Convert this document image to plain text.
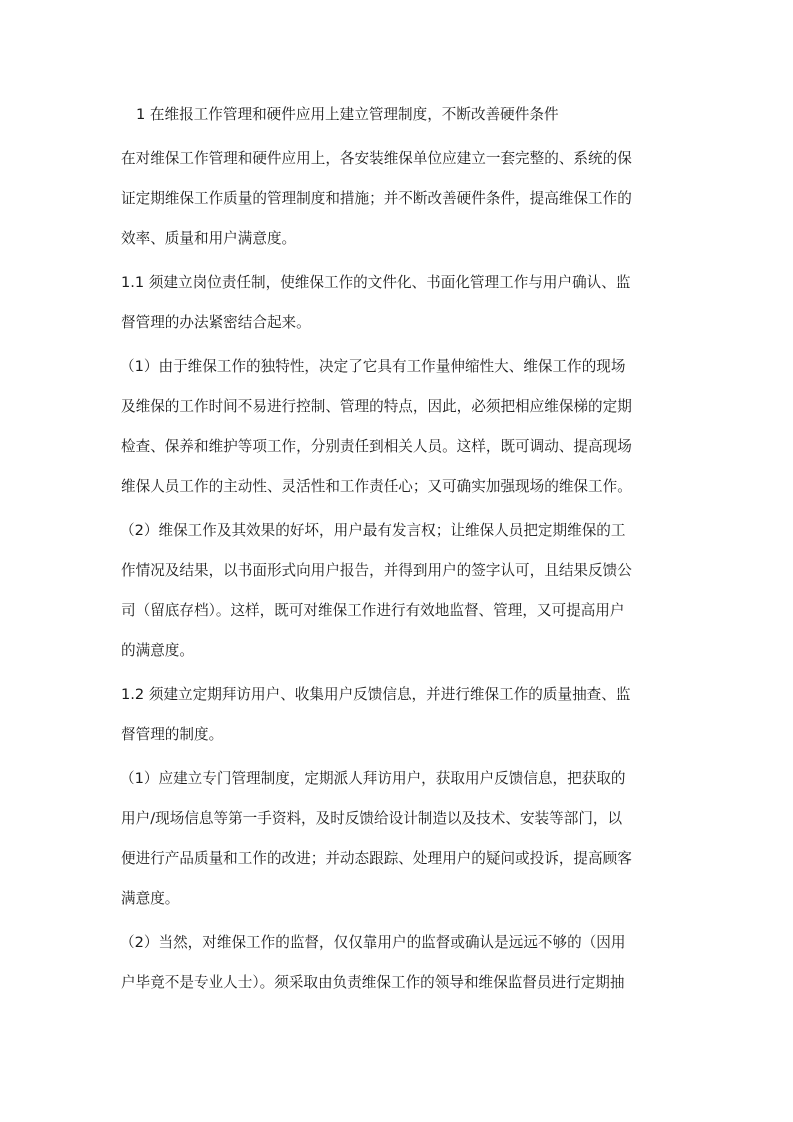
1 在维报工作管理和硬件应用上建立管理制度，不断改善硬件条件
在对维保工作管理和硬件应用上，各安装维保单位应建立一套完整的、系统的保
证定期维保工作质量的管理制度和措施；并不断改善硬件条件，提高维保工作的
效率、质量和用户满意度。
1.1 须建立岗位责任制，使维保工作的文件化、书面化管理工作与用户确认、监
督管理的办法紧密结合起来。
（1）由于维保工作的独特性，决定了它具有工作量伸缩性大、维保工作的现场
及维保的工作时间不易进行控制、管理的特点，因此，必须把相应维保梯的定期
检查、保养和维护等项工作，分别责任到相关人员。这样，既可调动、提高现场
维保人员工作的主动性、灵活性和工作责任心；又可确实加强现场的维保工作。
（2）维保工作及其效果的好坏，用户最有发言权；让维保人员把定期维保的工
作情况及结果，以书面形式向用户报告，并得到用户的签字认可，且结果反馈公
司（留底存档）。这样，既可对维保工作进行有效地监督、管理，又可提高用户
的满意度。
1.2 须建立定期拜访用户、收集用户反馈信息，并进行维保工作的质量抽查、监
督管理的制度。
（1）应建立专门管理制度，定期派人拜访用户，获取用户反馈信息，把获取的
用户/现场信息等第一手资料，及时反馈给设计制造以及技术、安装等部门，以
便进行产品质量和工作的改进；并动态跟踪、处理用户的疑问或投诉，提高顾客
满意度。
（2）当然，对维保工作的监督，仅仅靠用户的监督或确认是远远不够的（因用
户毕竟不是专业人士）。须采取由负责维保工作的领导和维保监督员进行定期抽
